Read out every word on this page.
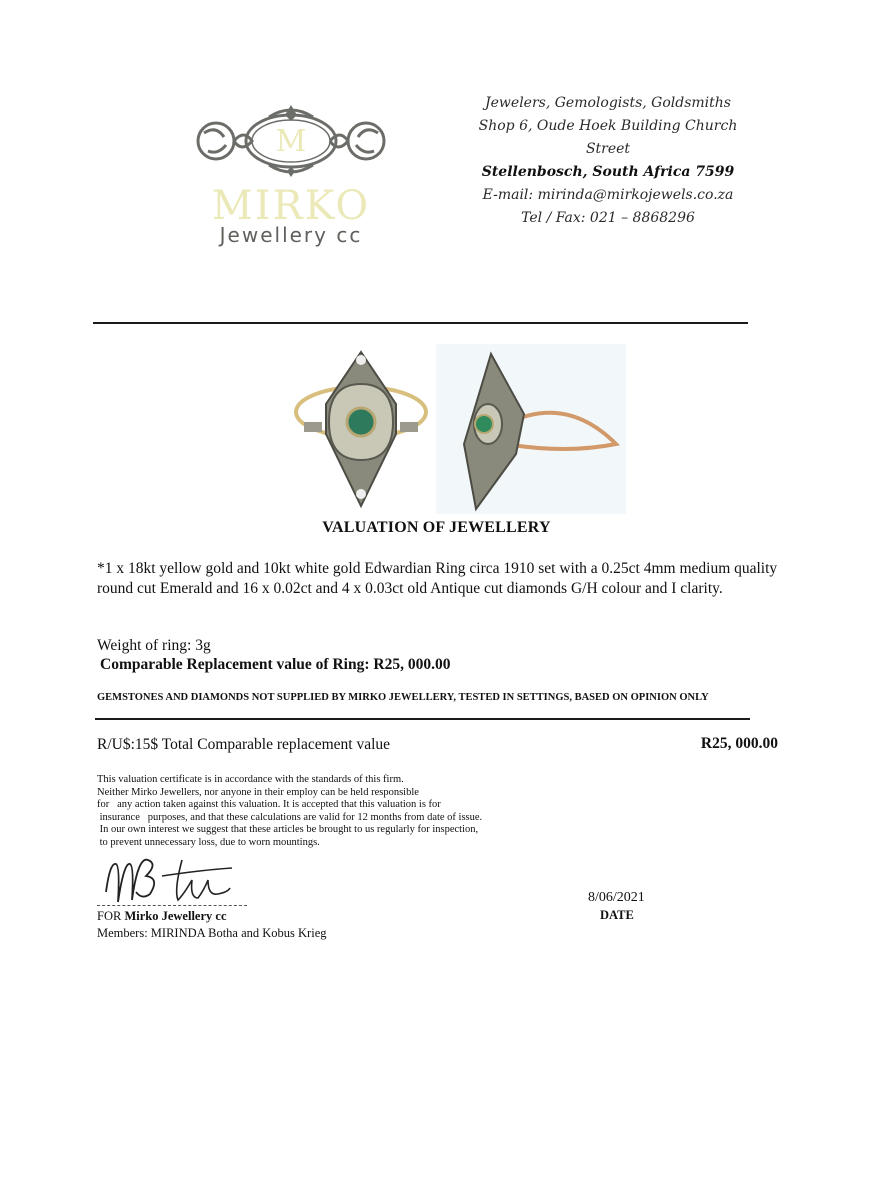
M
MIRKO
Jewellery cc
Jewelers, Gemologists, Goldsmiths
Shop 6, Oude Hoek Building Church
Street
Stellenbosch, South Africa 7599
E-mail: mirinda@mirkojewels.co.za
Tel / Fax: 021 – 8868296
VALUATION OF JEWELLERY
*1 x 18kt yellow gold and 10kt white gold Edwardian Ring circa 1910 set with a 0.25ct 4mm medium quality round cut Emerald and 16 x 0.02ct and 4 x 0.03ct old Antique cut diamonds G/H colour and I clarity.
Weight of ring: 3g
Comparable Replacement value of Ring: R25, 000.00
GEMSTONES AND DIAMONDS NOT SUPPLIED BY MIRKO JEWELLERY, TESTED IN SETTINGS, BASED ON OPINION ONLY
R/U$:15$ Total Comparable replacement value	R25, 000.00
This valuation certificate is in accordance with the standards of this firm.
Neither Mirko Jewellers, nor anyone in their employ can be held responsible
for   any action taken against this valuation. It is accepted that this valuation is for
insurance   purposes, and that these calculations are valid for 12 months from date of issue.
In our own interest we suggest that these articles be brought to us regularly for inspection,
to prevent unnecessary loss, due to worn mountings.
FOR Mirko Jewellery cc
Members: MIRINDA Botha and Kobus Krieg
8/06/2021
DATE
